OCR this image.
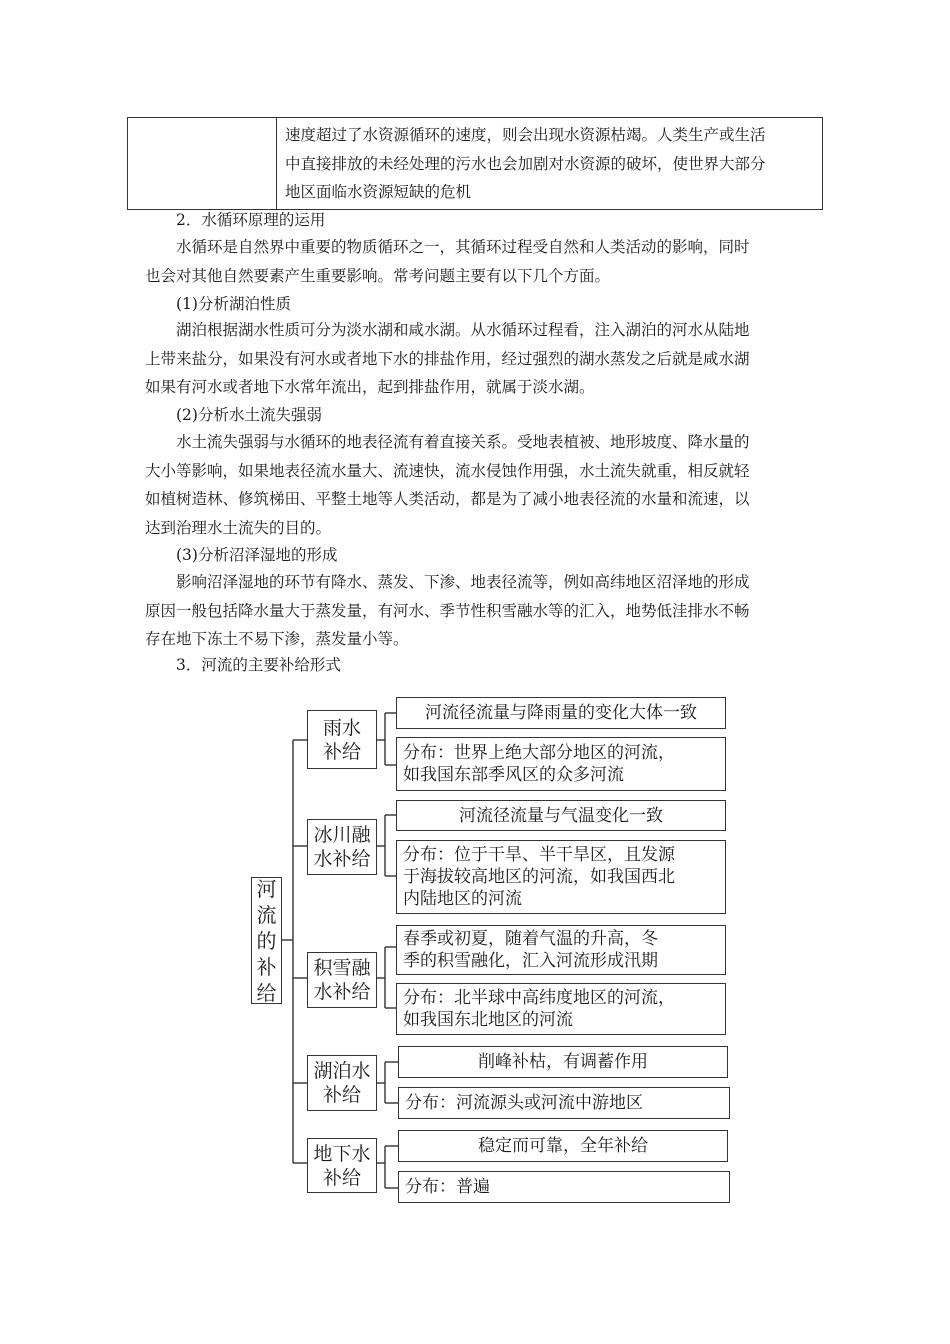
速度超过了水资源循环的速度，则会出现水资源枯竭。人类生产或生活
中直接排放的未经处理的污水也会加剧对水资源的破坏，使世界大部分
地区面临水资源短缺的危机
2．水循环原理的运用
水循环是自然界中重要的物质循环之一，其循环过程受自然和人类活动的影响，同时
也会对其他自然要素产生重要影响。常考问题主要有以下几个方面。
(1)分析湖泊性质
湖泊根据湖水性质可分为淡水湖和咸水湖。从水循环过程看，注入湖泊的河水从陆地
上带来盐分，如果没有河水或者地下水的排盐作用，经过强烈的湖水蒸发之后就是咸水湖
如果有河水或者地下水常年流出，起到排盐作用，就属于淡水湖。
(2)分析水土流失强弱
水土流失强弱与水循环的地表径流有着直接关系。受地表植被、地形坡度、降水量的
大小等影响，如果地表径流水量大、流速快，流水侵蚀作用强，水土流失就重，相反就轻
如植树造林、修筑梯田、平整土地等人类活动，都是为了减小地表径流的水量和流速，以
达到治理水土流失的目的。
(3)分析沼泽湿地的形成
影响沼泽湿地的环节有降水、蒸发、下渗、地表径流等，例如高纬地区沼泽地的形成
原因一般包括降水量大于蒸发量，有河水、季节性积雪融水等的汇入，地势低洼排水不畅
存在地下冻土不易下渗，蒸发量小等。
3．河流的主要补给形式
河
流
的
补
给
雨水
补给
河流径流量与降雨量的变化大体一致
分布：世界上绝大部分地区的河流，
如我国东部季风区的众多河流
冰川融
水补给
河流径流量与气温变化一致
分布：位于干旱、半干旱区，且发源
于海拔较高地区的河流，如我国西北
内陆地区的河流
积雪融
水补给
春季或初夏，随着气温的升高，冬
季的积雪融化，汇入河流形成汛期
分布：北半球中高纬度地区的河流，
如我国东北地区的河流
湖泊水
补给
削峰补枯，有调蓄作用
分布：河流源头或河流中游地区
地下水
补给
稳定而可靠，全年补给
分布：普遍
